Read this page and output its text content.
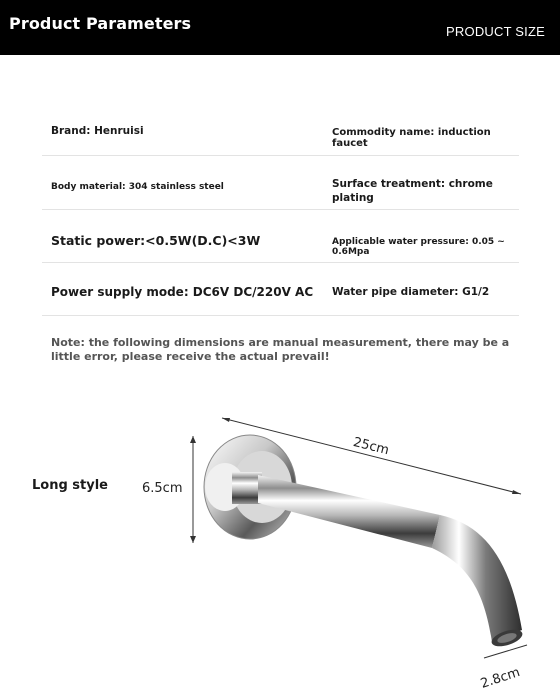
Product Parameters	PRODUCT SIZE
Brand: Henruisi	Commodity name: induction faucet
Body material: 304 stainless steel	Surface treatment: chrome plating
Static power:<0.5W(D.C)<3W	Applicable water pressure: 0.05 ~ 0.6Mpa
Power supply mode: DC6V DC/220V AC Water pipe diameter: G1/2
Note: the following dimensions are manual measurement, there may be a little error, please receive the actual prevail!
Long style
25cm
6.5cm
2.8cm
